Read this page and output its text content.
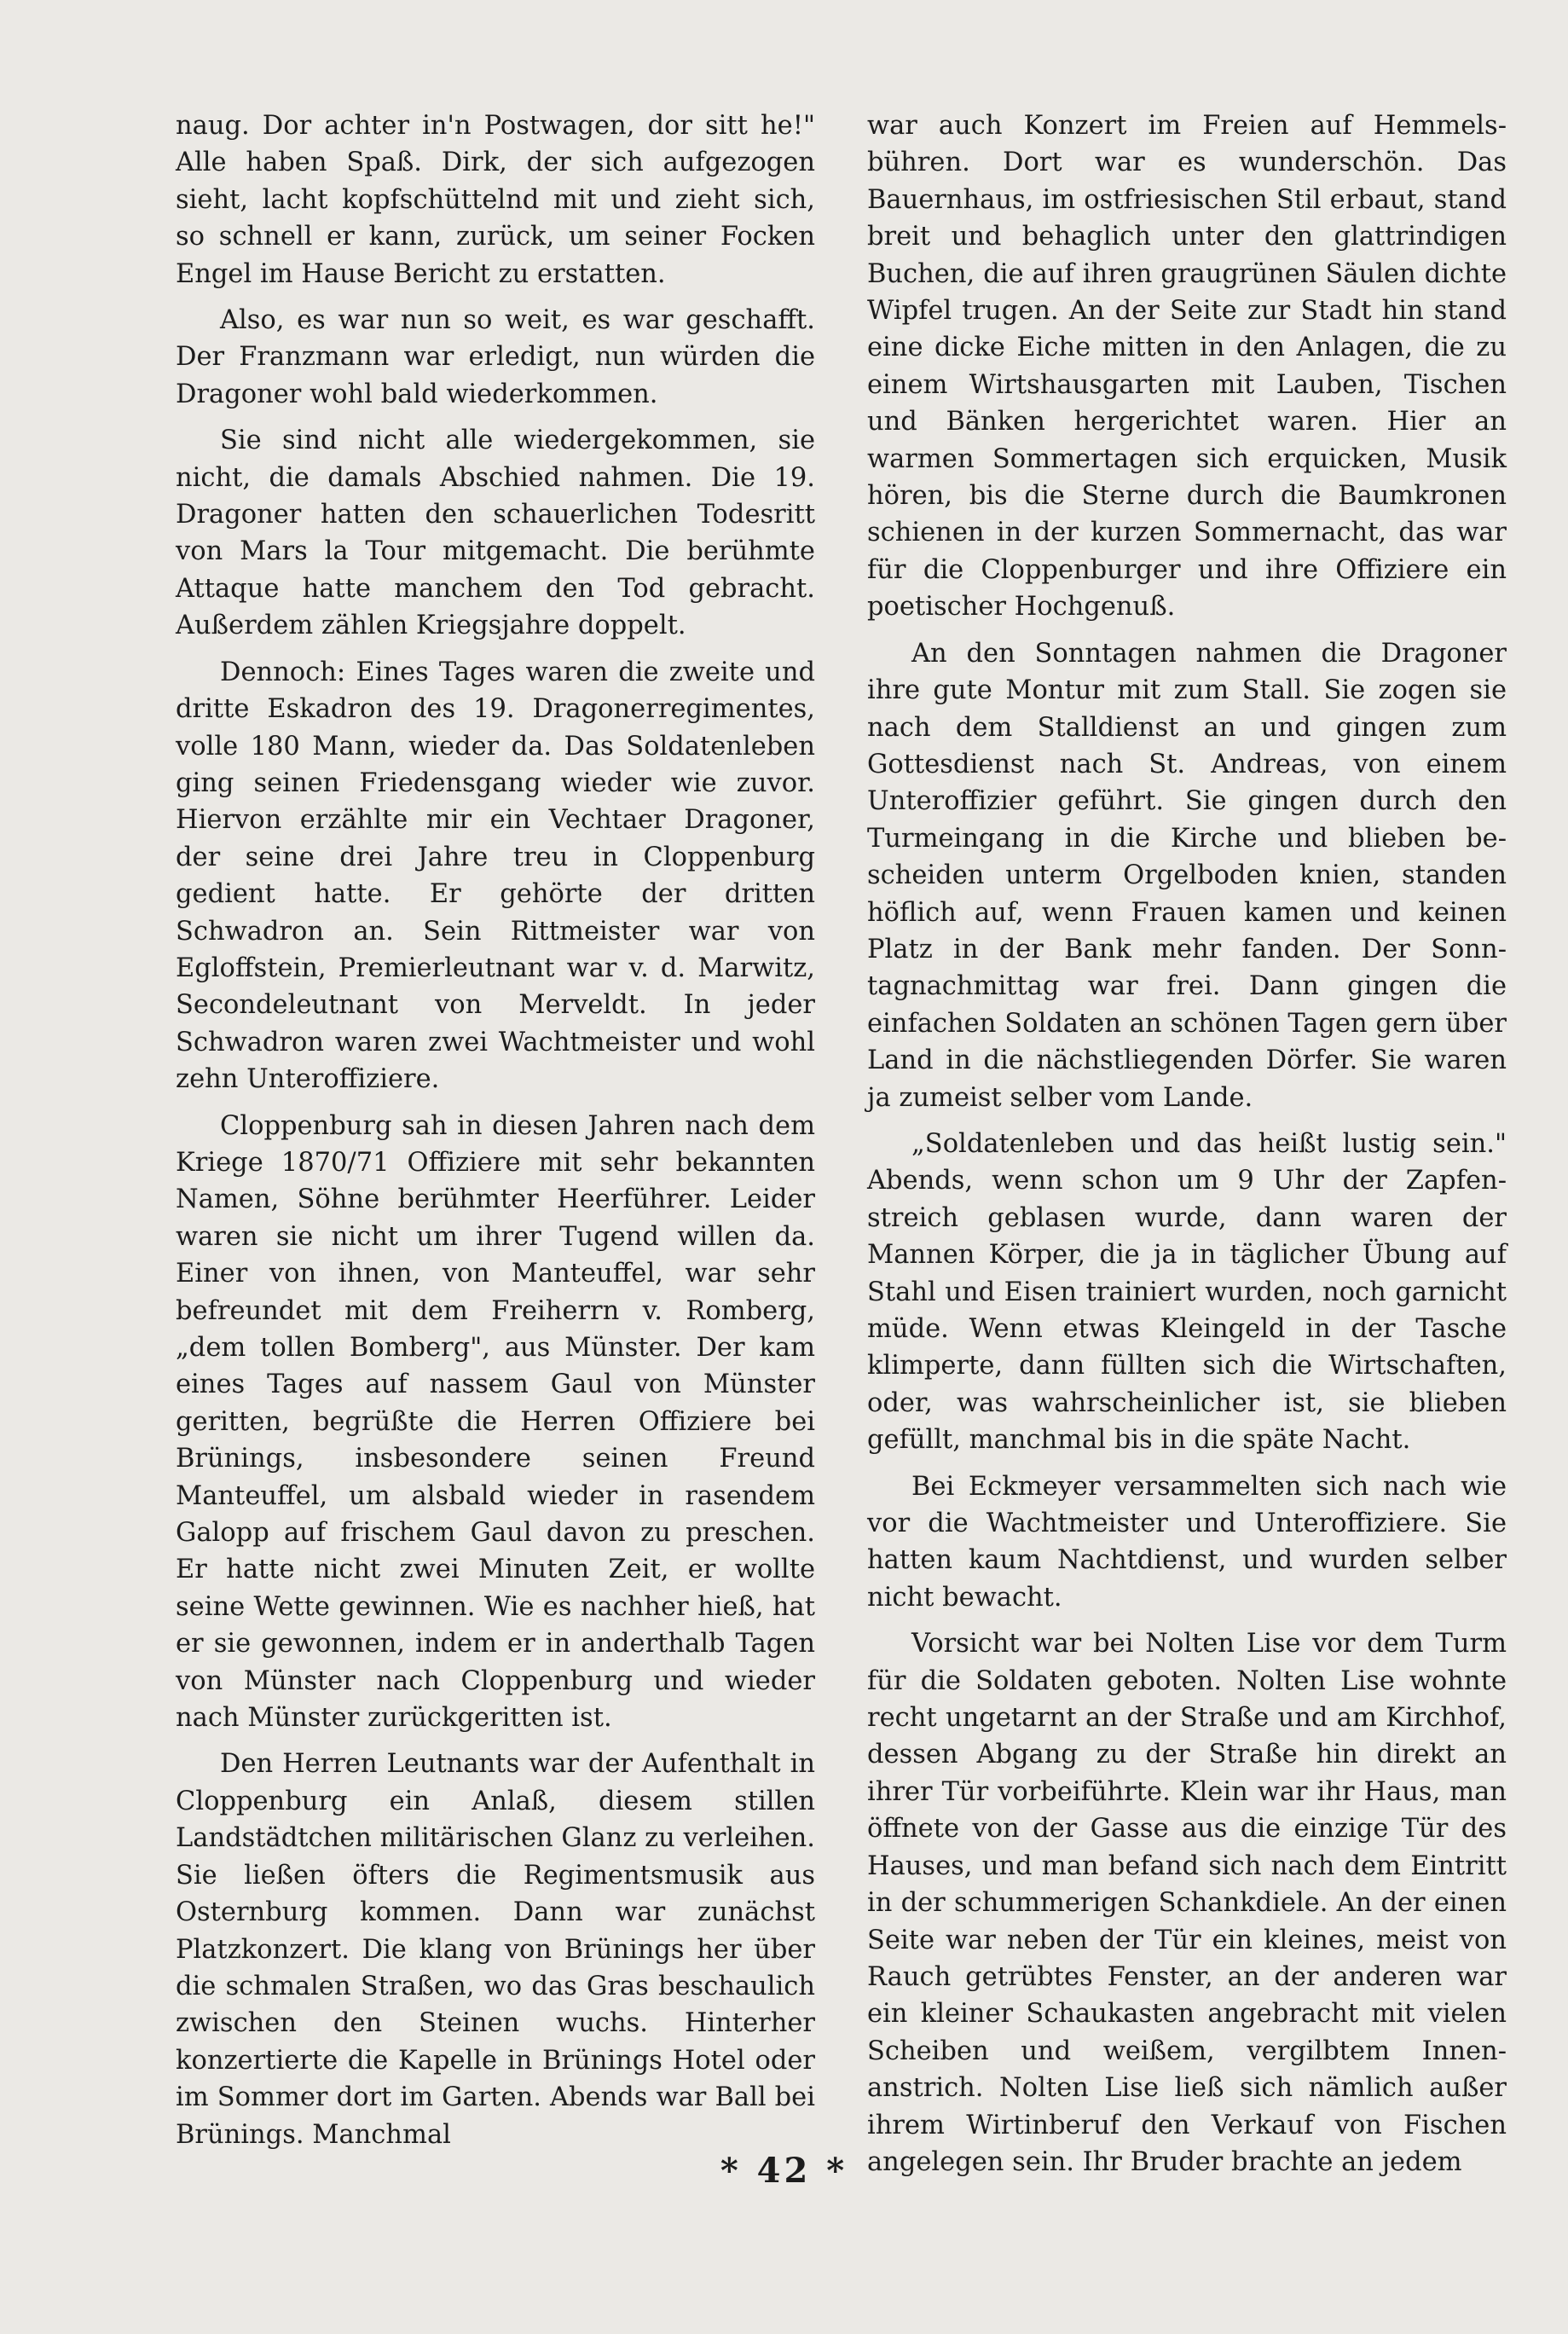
naug. Dor achter in'n Postwagen, dor sitt he!" Alle haben Spaß. Dirk, der sich aufgezogen sieht, lacht kopfschüttelnd mit und zieht sich, so schnell er kann, zurück, um seiner Focken Engel im Hause Bericht zu erstatten.

Also, es war nun so weit, es war geschafft. Der Franzmann war erledigt, nun würden die Dragoner wohl bald wiederkommen.

Sie sind nicht alle wiedergekommen, sie nicht, die damals Abschied nahmen. Die 19. Dragoner hatten den schauerlichen Todesritt von Mars la Tour mitgemacht. Die berühmte Attaque hatte manchem den Tod gebracht. Außerdem zählen Kriegsjahre doppelt.

Dennoch: Eines Tages waren die zweite und dritte Eskadron des 19. Dragonerregimentes, volle 180 Mann, wieder da. Das Soldatenleben ging seinen Friedensgang wieder wie zuvor. Hiervon erzählte mir ein Vechtaer Dragoner, der seine drei Jahre treu in Cloppenburg gedient hatte. Er gehörte der dritten Schwadron an. Sein Rittmeister war von Egloffstein, Premierleutnant war v. d. Marwitz, Secondeleutnant von Merveldt. In jeder Schwadron waren zwei Wachtmeister und wohl zehn Unteroffiziere.

Cloppenburg sah in diesen Jahren nach dem Kriege 1870/71 Offiziere mit sehr bekannten Namen, Söhne berühmter Heerführer. Leider waren sie nicht um ihrer Tugend willen da. Einer von ihnen, von Manteuffel, war sehr befreundet mit dem Freiherrn v. Romberg, „dem tollen Bomberg", aus Münster. Der kam eines Tages auf nassem Gaul von Münster geritten, begrüßte die Herren Offiziere bei Brünings, insbesondere seinen Freund Manteuffel, um alsbald wieder in rasendem Galopp auf frischem Gaul davon zu preschen. Er hatte nicht zwei Minuten Zeit, er wollte seine Wette gewinnen. Wie es nachher hieß, hat er sie gewonnen, indem er in anderthalb Tagen von Münster nach Cloppenburg und wieder nach Münster zurückgeritten ist.

Den Herren Leutnants war der Aufenthalt in Cloppenburg ein Anlaß, diesem stillen Landstädtchen militärischen Glanz zu verleihen. Sie ließen öfters die Regimentsmusik aus Osternburg kommen. Dann war zunächst Platzkonzert. Die klang von Brünings her über die schmalen Straßen, wo das Gras beschaulich zwischen den Steinen wuchs. Hinterher konzertierte die Kapelle in Brünings Hotel oder im Sommer dort im Garten. Abends war Ball bei Brünings. Manchmal

war auch Konzert im Freien auf Hemmelsbühren. Dort war es wunderschön. Das Bauernhaus, im ostfriesischen Stil erbaut, stand breit und behaglich unter den glattrindigen Buchen, die auf ihren graugrünen Säulen dichte Wipfel trugen. An der Seite zur Stadt hin stand eine dicke Eiche mitten in den Anlagen, die zu einem Wirtshausgarten mit Lauben, Tischen und Bänken hergerichtet waren. Hier an warmen Sommertagen sich erquicken, Musik hören, bis die Sterne durch die Baumkronen schienen in der kurzen Sommernacht, das war für die Cloppenburger und ihre Offiziere ein poetischer Hochgenuß.

An den Sonntagen nahmen die Dragoner ihre gute Montur mit zum Stall. Sie zogen sie nach dem Stalldienst an und gingen zum Gottesdienst nach St. Andreas, von einem Unteroffizier geführt. Sie gingen durch den Turmeingang in die Kirche und blieben bescheiden unterm Orgelboden knien, standen höflich auf, wenn Frauen kamen und keinen Platz in der Bank mehr fanden. Der Sonntagnachmittag war frei. Dann gingen die einfachen Soldaten an schönen Tagen gern über Land in die nächstliegenden Dörfer. Sie waren ja zumeist selber vom Lande.

„Soldatenleben und das heißt lustig sein." Abends, wenn schon um 9 Uhr der Zapfenstreich geblasen wurde, dann waren der Mannen Körper, die ja in täglicher Übung auf Stahl und Eisen trainiert wurden, noch garnicht müde. Wenn etwas Kleingeld in der Tasche klimperte, dann füllten sich die Wirtschaften, oder, was wahrscheinlicher ist, sie blieben gefüllt, manchmal bis in die späte Nacht.

Bei Eckmeyer versammelten sich nach wie vor die Wachtmeister und Unteroffiziere. Sie hatten kaum Nachtdienst, und wurden selber nicht bewacht.

Vorsicht war bei Nolten Lise vor dem Turm für die Soldaten geboten. Nolten Lise wohnte recht ungetarnt an der Straße und am Kirchhof, dessen Abgang zu der Straße hin direkt an ihrer Tür vorbeiführte. Klein war ihr Haus, man öffnete von der Gasse aus die einzige Tür des Hauses, und man befand sich nach dem Eintritt in der schummerigen Schankdiele. An der einen Seite war neben der Tür ein kleines, meist von Rauch getrübtes Fenster, an der anderen war ein kleiner Schaukasten angebracht mit vielen Scheiben und weißem, vergilbtem Innenanstrich. Nolten Lise ließ sich nämlich außer ihrem Wirtinberuf den Verkauf von Fischen angelegen sein. Ihr Bruder brachte an jedem

* 42 *
